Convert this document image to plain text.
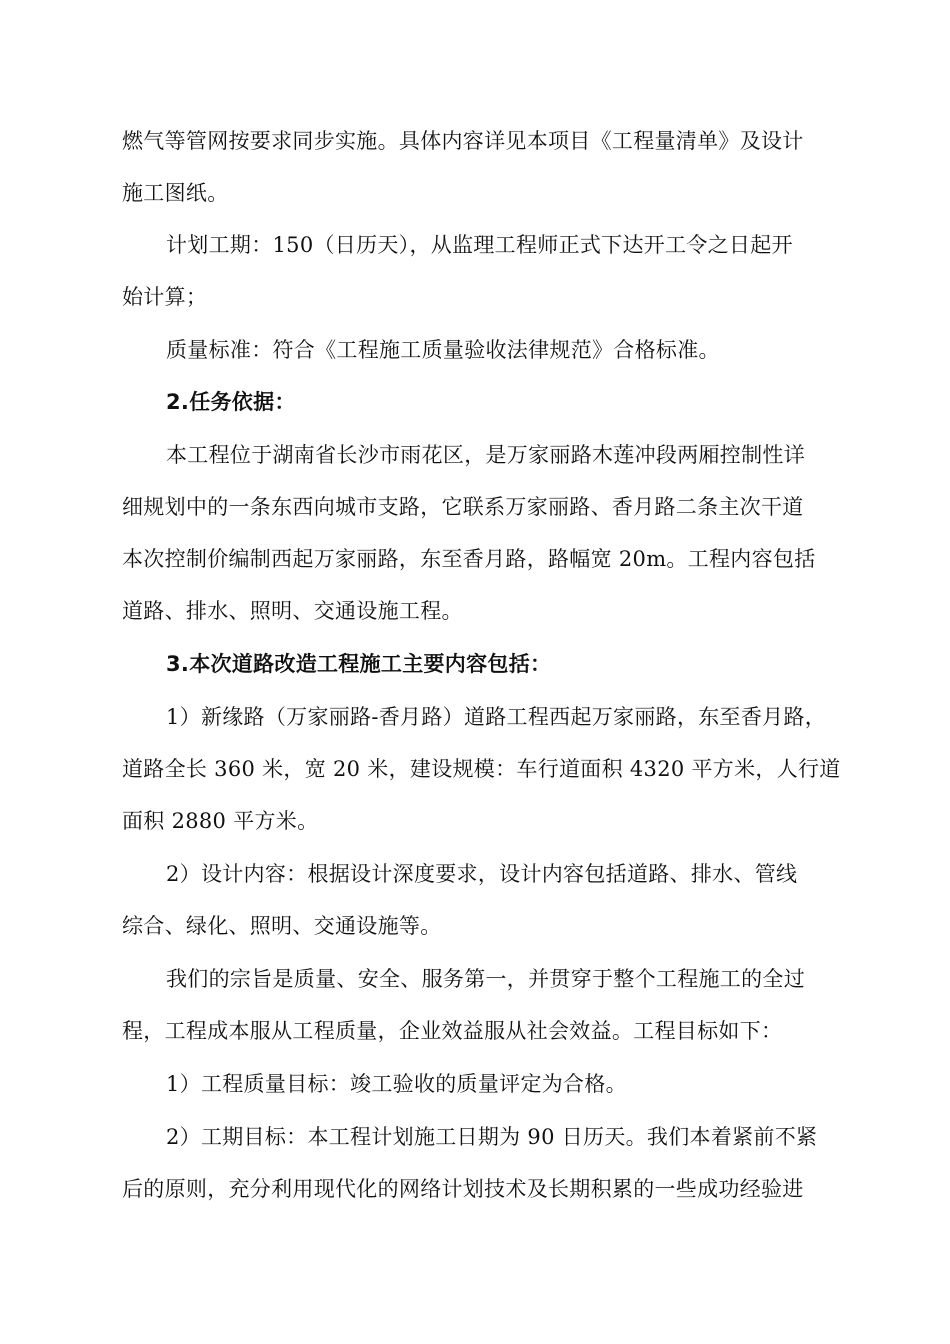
燃气等管网按要求同步实施。具体内容详见本项目《工程量清单》及设计
施工图纸。
计划工期：150（日历天），从监理工程师正式下达开工令之日起开
始计算；
质量标准：符合《工程施工质量验收法律规范》合格标准。
2.任务依据：
本工程位于湖南省长沙市雨花区，是万家丽路木莲冲段两厢控制性详
细规划中的一条东西向城市支路，它联系万家丽路、香月路二条主次干道
本次控制价编制西起万家丽路，东至香月路，路幅宽 20m。工程内容包括
道路、排水、照明、交通设施工程。
3.本次道路改造工程施工主要内容包括：
1）新缘路（万家丽路-香月路）道路工程西起万家丽路，东至香月路，
道路全长 360 米，宽 20 米，建设规模：车行道面积 4320 平方米，人行道
面积 2880 平方米。
2）设计内容：根据设计深度要求，设计内容包括道路、排水、管线
综合、绿化、照明、交通设施等。
我们的宗旨是质量、安全、服务第一，并贯穿于整个工程施工的全过
程，工程成本服从工程质量，企业效益服从社会效益。工程目标如下：
1）工程质量目标：竣工验收的质量评定为合格。
2）工期目标：本工程计划施工日期为 90 日历天。我们本着紧前不紧
后的原则，充分利用现代化的网络计划技术及长期积累的一些成功经验进
